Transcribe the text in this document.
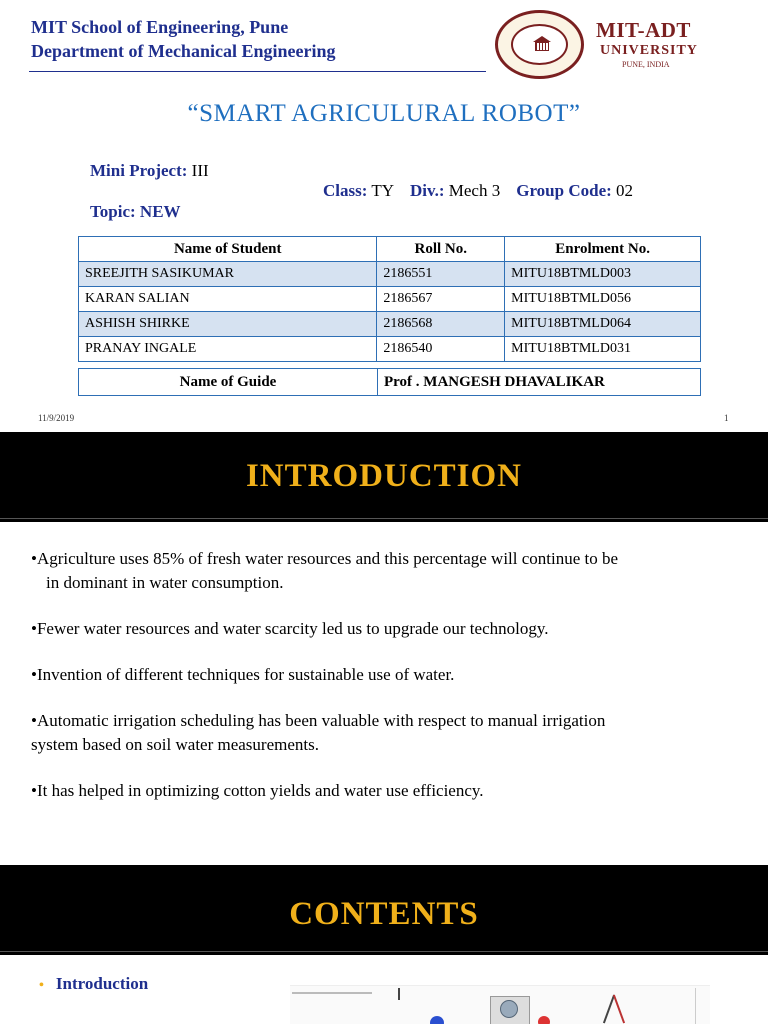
MIT School of Engineering, Pune
Department of Mechanical Engineering
MIT-ADT
UNIVERSITY
PUNE, INDIA
“SMART AGRICULURAL ROBOT”
Mini Project: III
Topic: NEW
Class: TY Div.: Mech 3 Group Code: 02
Name of Student	Roll No.	Enrolment No.
SREEJITH SASIKUMAR	2186551	MITU18BTMLD003
KARAN SALIAN	2186567	MITU18BTMLD056
ASHISH SHIRKE	2186568	MITU18BTMLD064
PRANAY INGALE	2186540	MITU18BTMLD031
Name of Guide	Prof . MANGESH DHAVALIKAR
11/9/2019	1
INTRODUCTION

•Agriculture uses 85% of fresh water resources and this percentage will continue to be
in dominant in water consumption.

•Fewer water resources and water scarcity led us to upgrade our technology.

•Invention of different techniques for sustainable use of water.

•Automatic irrigation scheduling has been valuable with respect to manual irrigation
system based on soil water measurements.

•It has helped in optimizing cotton yields and water use efficiency.

CONTENTS
• Introduction
